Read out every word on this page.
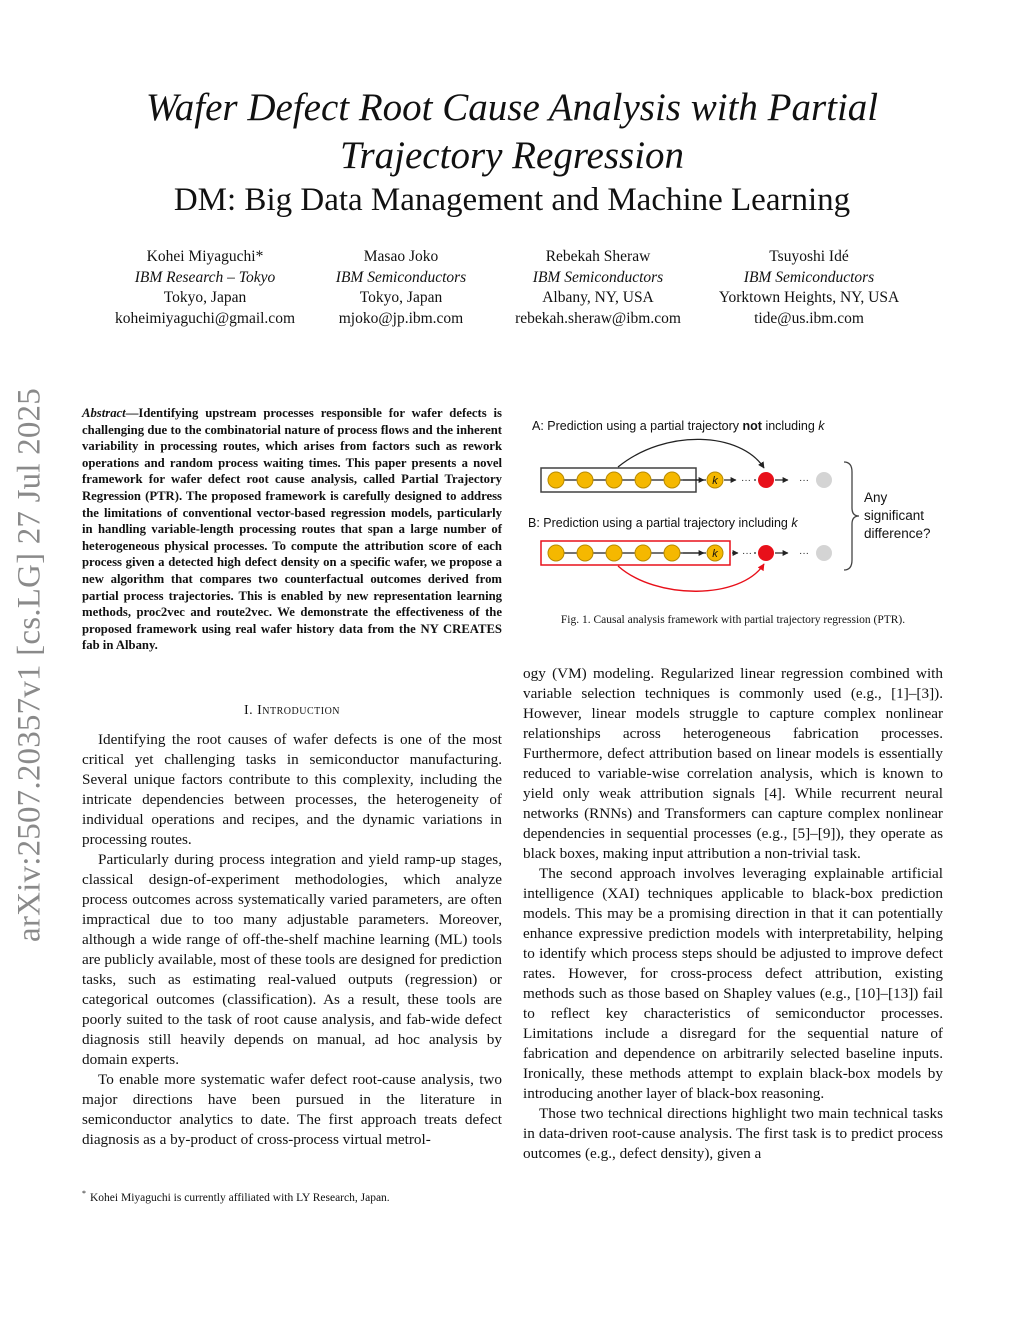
arXiv:2507.20357v1 [cs.LG] 27 Jul 2025
Wafer Defect Root Cause Analysis with Partial
Trajectory Regression
DM: Big Data Management and Machine Learning
Kohei Miyaguchi*
IBM Research – Tokyo
Tokyo, Japan
koheimiyaguchi@gmail.com
Masao Joko
IBM Semiconductors
Tokyo, Japan
mjoko@jp.ibm.com
Rebekah Sheraw
IBM Semiconductors
Albany, NY, USA
rebekah.sheraw@ibm.com
Tsuyoshi Idé
IBM Semiconductors
Yorktown Heights, NY, USA
tide@us.ibm.com
Abstract—Identifying upstream processes responsible for wafer defects is challenging due to the combinatorial nature of process flows and the inherent variability in processing routes, which arises from factors such as rework operations and random process waiting times. This paper presents a novel framework for wafer defect root cause analysis, called Partial Trajectory Regression (PTR). The proposed framework is carefully designed to address the limitations of conventional vector-based regression models, particularly in handling variable-length processing routes that span a large number of heterogeneous physical processes. To compute the attribution score of each process given a detected high defect density on a specific wafer, we propose a new algorithm that compares two counterfactual outcomes derived from partial process trajectories. This is enabled by new representation learning methods, proc2vec and route2vec. We demonstrate the effectiveness of the proposed framework using real wafer history data from the NY CREATES fab in Albany.
I. Introduction

Identifying the root causes of wafer defects is one of the most critical yet challenging tasks in semiconductor manufacturing. Several unique factors contribute to this complexity, including the intricate dependencies between processes, the heterogeneity of individual operations and recipes, and the dynamic variations in processing routes.

Particularly during process integration and yield ramp-up stages, classical design-of-experiment methodologies, which analyze process outcomes across systematically varied parameters, are often impractical due to too many adjustable parameters. Moreover, although a wide range of off-the-shelf machine learning (ML) tools are publicly available, most of these tools are designed for prediction tasks, such as estimating real-valued outputs (regression) or categorical outcomes (classification). As a result, these tools are poorly suited to the task of root cause analysis, and fab-wide defect diagnosis still heavily depends on manual, ad hoc analysis by domain experts.

To enable more systematic wafer defect root-cause analysis, two major directions have been pursued in the literature in semiconductor analytics to date. The first approach treats defect diagnosis as a by-product of cross-process virtual metrol-

* Kohei Miyaguchi is currently affiliated with LY Research, Japan.
A: Prediction using a partial trajectory not including k
k ···	···
B: Prediction using a partial trajectory including k
k ···	···
Any
significant
difference?
Fig. 1. Causal analysis framework with partial trajectory regression (PTR).

ogy (VM) modeling. Regularized linear regression combined with variable selection techniques is commonly used (e.g., [1]–[3]). However, linear models struggle to capture complex nonlinear relationships across heterogeneous fabrication processes. Furthermore, defect attribution based on linear models is essentially reduced to variable-wise correlation analysis, which is known to yield only weak attribution signals [4]. While recurrent neural networks (RNNs) and Transformers can capture complex nonlinear dependencies in sequential processes (e.g., [5]–[9]), they operate as black boxes, making input attribution a non-trivial task.

The second approach involves leveraging explainable artificial intelligence (XAI) techniques applicable to black-box prediction models. This may be a promising direction in that it can potentially enhance expressive prediction models with interpretability, helping to identify which process steps should be adjusted to improve defect rates. However, for cross-process defect attribution, existing methods such as those based on Shapley values (e.g., [10]–[13]) fail to reflect key characteristics of semiconductor processes. Limitations include a disregard for the sequential nature of fabrication and dependence on arbitrarily selected baseline inputs. Ironically, these methods attempt to explain black-box models by introducing another layer of black-box reasoning.

Those two technical directions highlight two main technical tasks in data-driven root-cause analysis. The first task is to predict process outcomes (e.g., defect density), given a
